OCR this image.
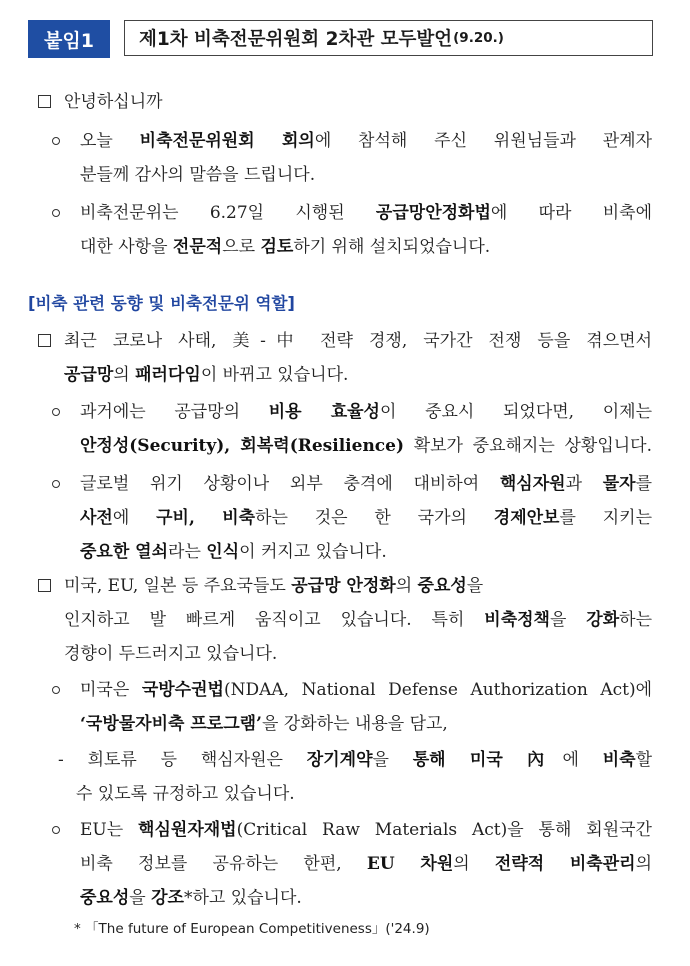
붙임1	제1차 비축전문위원회 2차관 모두발언 (9.20.)
안녕하십니까
오늘 비축전문위원회 회의에 참석해 주신 위원님들과 관계자
분들께 감사의 말씀을 드립니다.
비축전문위는 6.27일 시행된 공급망안정화법에 따라 비축에
대한 사항을 전문적으로 검토하기 위해 설치되었습니다.
최근 코로나 사태, 美-中 전략 경쟁, 국가간 전쟁 등을 겪으면서
공급망의 패러다임이 바뀌고 있습니다.
과거에는 공급망의 비용 효율성이 중요시 되었다면, 이제는
안정성(Security), 회복력(Resilience) 확보가 중요해지는 상황입니다.
글로벌 위기 상황이나 외부 충격에 대비하여 핵심자원과 물자를
사전에 구비, 비축하는 것은 한 국가의 경제안보를 지키는
중요한 열쇠라는 인식이 커지고 있습니다.
미국, EU, 일본 등 주요국들도 공급망 안정화의 중요성을
인지하고 발 빠르게 움직이고 있습니다. 특히 비축정책을 강화하는
경향이 두드러지고 있습니다.
미국은 국방수권법(NDAA, National Defense Authorization Act)에
‘국방물자비축 프로그램’을 강화하는 내용을 담고,
- 희토류 등 핵심자원은 장기계약을 통해 미국 內에 비축할
수 있도록 규정하고 있습니다.
EU는 핵심원자재법(Critical Raw Materials Act)을 통해 회원국간
비축 정보를 공유하는 한편, EU 차원의 전략적 비축관리의
중요성을 강조*하고 있습니다.
[비축 관련 동향 및 비축전문위 역할]
* 「The future of European Competitiveness」('24.9)
